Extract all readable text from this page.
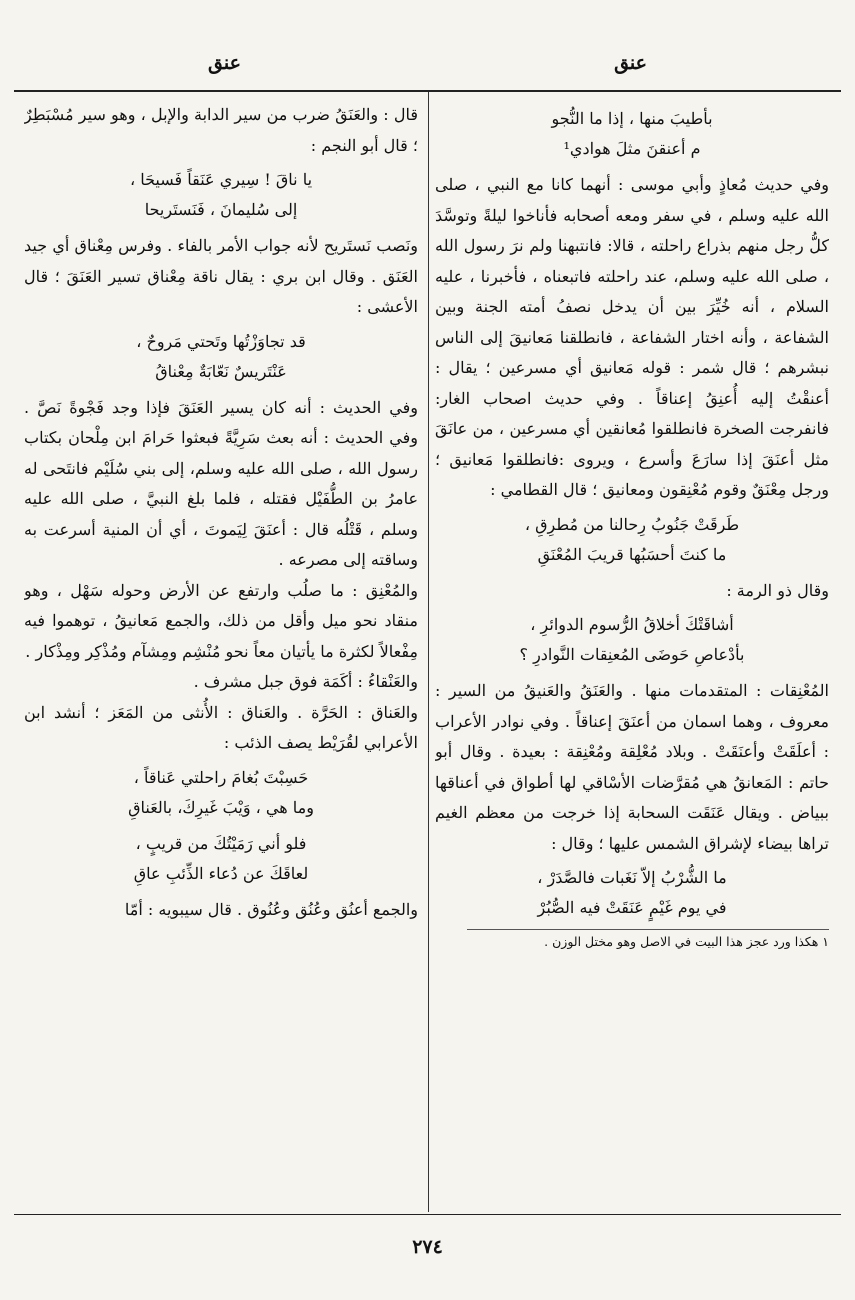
عنق
عنق
بأطيبَ منها ، إذا ما النُّجو
م أعنقنَ مثلَ هوادي¹

وفي حديث مُعاذٍ وأبي موسى : أنهما كانا مع النبي ، صلى الله عليه وسلم ، في سفر ومعه أصحابه فأناخوا ليلةً وتوسَّدَ كلُّ رجل منهم بذراع راحلته ، قالا: فانتبهنا ولم نرَ رسول الله ، صلى الله عليه وسلم، عند راحلته فاتبعناه ، فأخبرنا ، عليه السلام ، أنه خُيِّرَ بين أن يدخل نصفُ أمته الجنة وبين الشفاعة ، وأنه اختار الشفاعة ، فانطلقنا مَعانيقَ إلى الناس نبشرهم ؛ قال شمر : قوله مَعانيق أي مسرعين ؛ يقال : أعنقْتُ إليه أُعنِقُ إعناقاً . وفي حديث اصحاب الغار: فانفرجت الصخرة فانطلقوا مُعانقين أي مسرعين ، من عانَقَ مثل أعنَقَ إذا سارَعَ وأسرع ، ويروى :فانطلقوا مَعانيق ؛ ورجل مِعْنَقٌ وقوم مُعْنِقون ومعانيق ؛ قال القطامي :

طَرقَتْ جَنُوبُ رِحالنا من مُطرِقِ ،
ما كنتَ أحسَبُها قريبَ المُعْنَقِ

وقال ذو الرمة :

أشاقَتْكَ أخلاقُ الرُّسوم الدوائرِ ،
بأدْعاصِ حَوضَى المُعنِقات النَّوادرِ ؟

المُعْنِقات : المتقدمات منها . والعَنَقُ والعَنيقُ من السير : معروف ، وهما اسمان من أعنَقَ إعناقاً . وفي نوادر الأعراب : أعلَقَتْ وأعنَقَتْ . وبلاد مُعْلِقة ومُعْنِقة : بعيدة . وقال أبو حاتم : المَعانقُ هي مُقرَّضات الأسْاقي لها أطواق في أعناقها ببياض . ويقال عَنَقَت السحابة إذا خرجت من معظم الغيم تراها بيضاء لإشراق الشمس عليها ؛ وقال :

ما الشُّرْبُ إلاّ نَغَبات فالصَّدَرْ ،
في يوم غَيْمٍ عَنَقَتْ فيه الصُّبُرْ
١ هكذا ورد عجز هذا البيت في الاصل وهو مختل الوزن .

قال : والعَنَقُ ضرب من سير الدابة والإبل ، وهو سير مُسْبَطِرٌ ؛ قال أبو النجم :

يا ناقَ ! سِيري عَنَقاً فَسيحَا ،
إلى سُليمانَ ، فَنَستَريحا

ونَصب نَستَريح لأنه جواب الأمر بالفاء . وفرس مِعْناق أي جيد العَنَق . وقال ابن بري : يقال ناقة مِعْناق تسير العَنَقَ ؛ قال الأعشى :

قد تجاوَزْتُها وتَحتي مَروحٌ ،
عَنْتَريسٌ نَعّابَةٌ مِعْناقُ

وفي الحديث : أنه كان يسير العَنَقَ فإذا وجد فَجْوةً نَصَّ . وفي الحديث : أنه بعث سَرِيَّةً فبعثوا حَرامَ ابن مِلْحان بكتاب رسول الله ، صلى الله عليه وسلم، إلى بني سُلَيْم فانتَحى له عامرُ بن الطُّفَيْل فقتله ، فلما بلغ النبيَّ ، صلى الله عليه وسلم ، قَتْلُه قال : أعنَقَ لِيَموتَ ، أي أن المنية أسرعت به وساقته إلى مصرعه .

والمُعْنِق : ما صلُب وارتفع عن الأرض وحوله سَهْل ، وهو منقاد نحو ميل وأقل من ذلك، والجمع مَعانيقُ ، توهموا فيه مِفْعالاً لكثرة ما يأتيان معاً نحو مُنْشِم ومِشآم ومُذْكِر ومِذْكار .

والعَنْقاءُ : أكَمَة فوق جبل مشرف .

والعَناق : الحَرَّة . والعَناق : الأُنثى من المَعَز ؛ أنشد ابن الأعرابي لقُرَيْط يصف الذئب :

حَسِبْتَ بُغامَ راحلتي عَناقاً ،
وما هي ، وَيْبَ غَيرِكَ، بالعَناقِ
فلو أني رَمَيْتُكَ من قريبٍ ،
لعاقَكَ عن دُعاء الذِّئبِ عاقِ

والجمع أعنُق وعُنُق وعُنُوق . قال سيبويه : أمّا

٢٧٤
